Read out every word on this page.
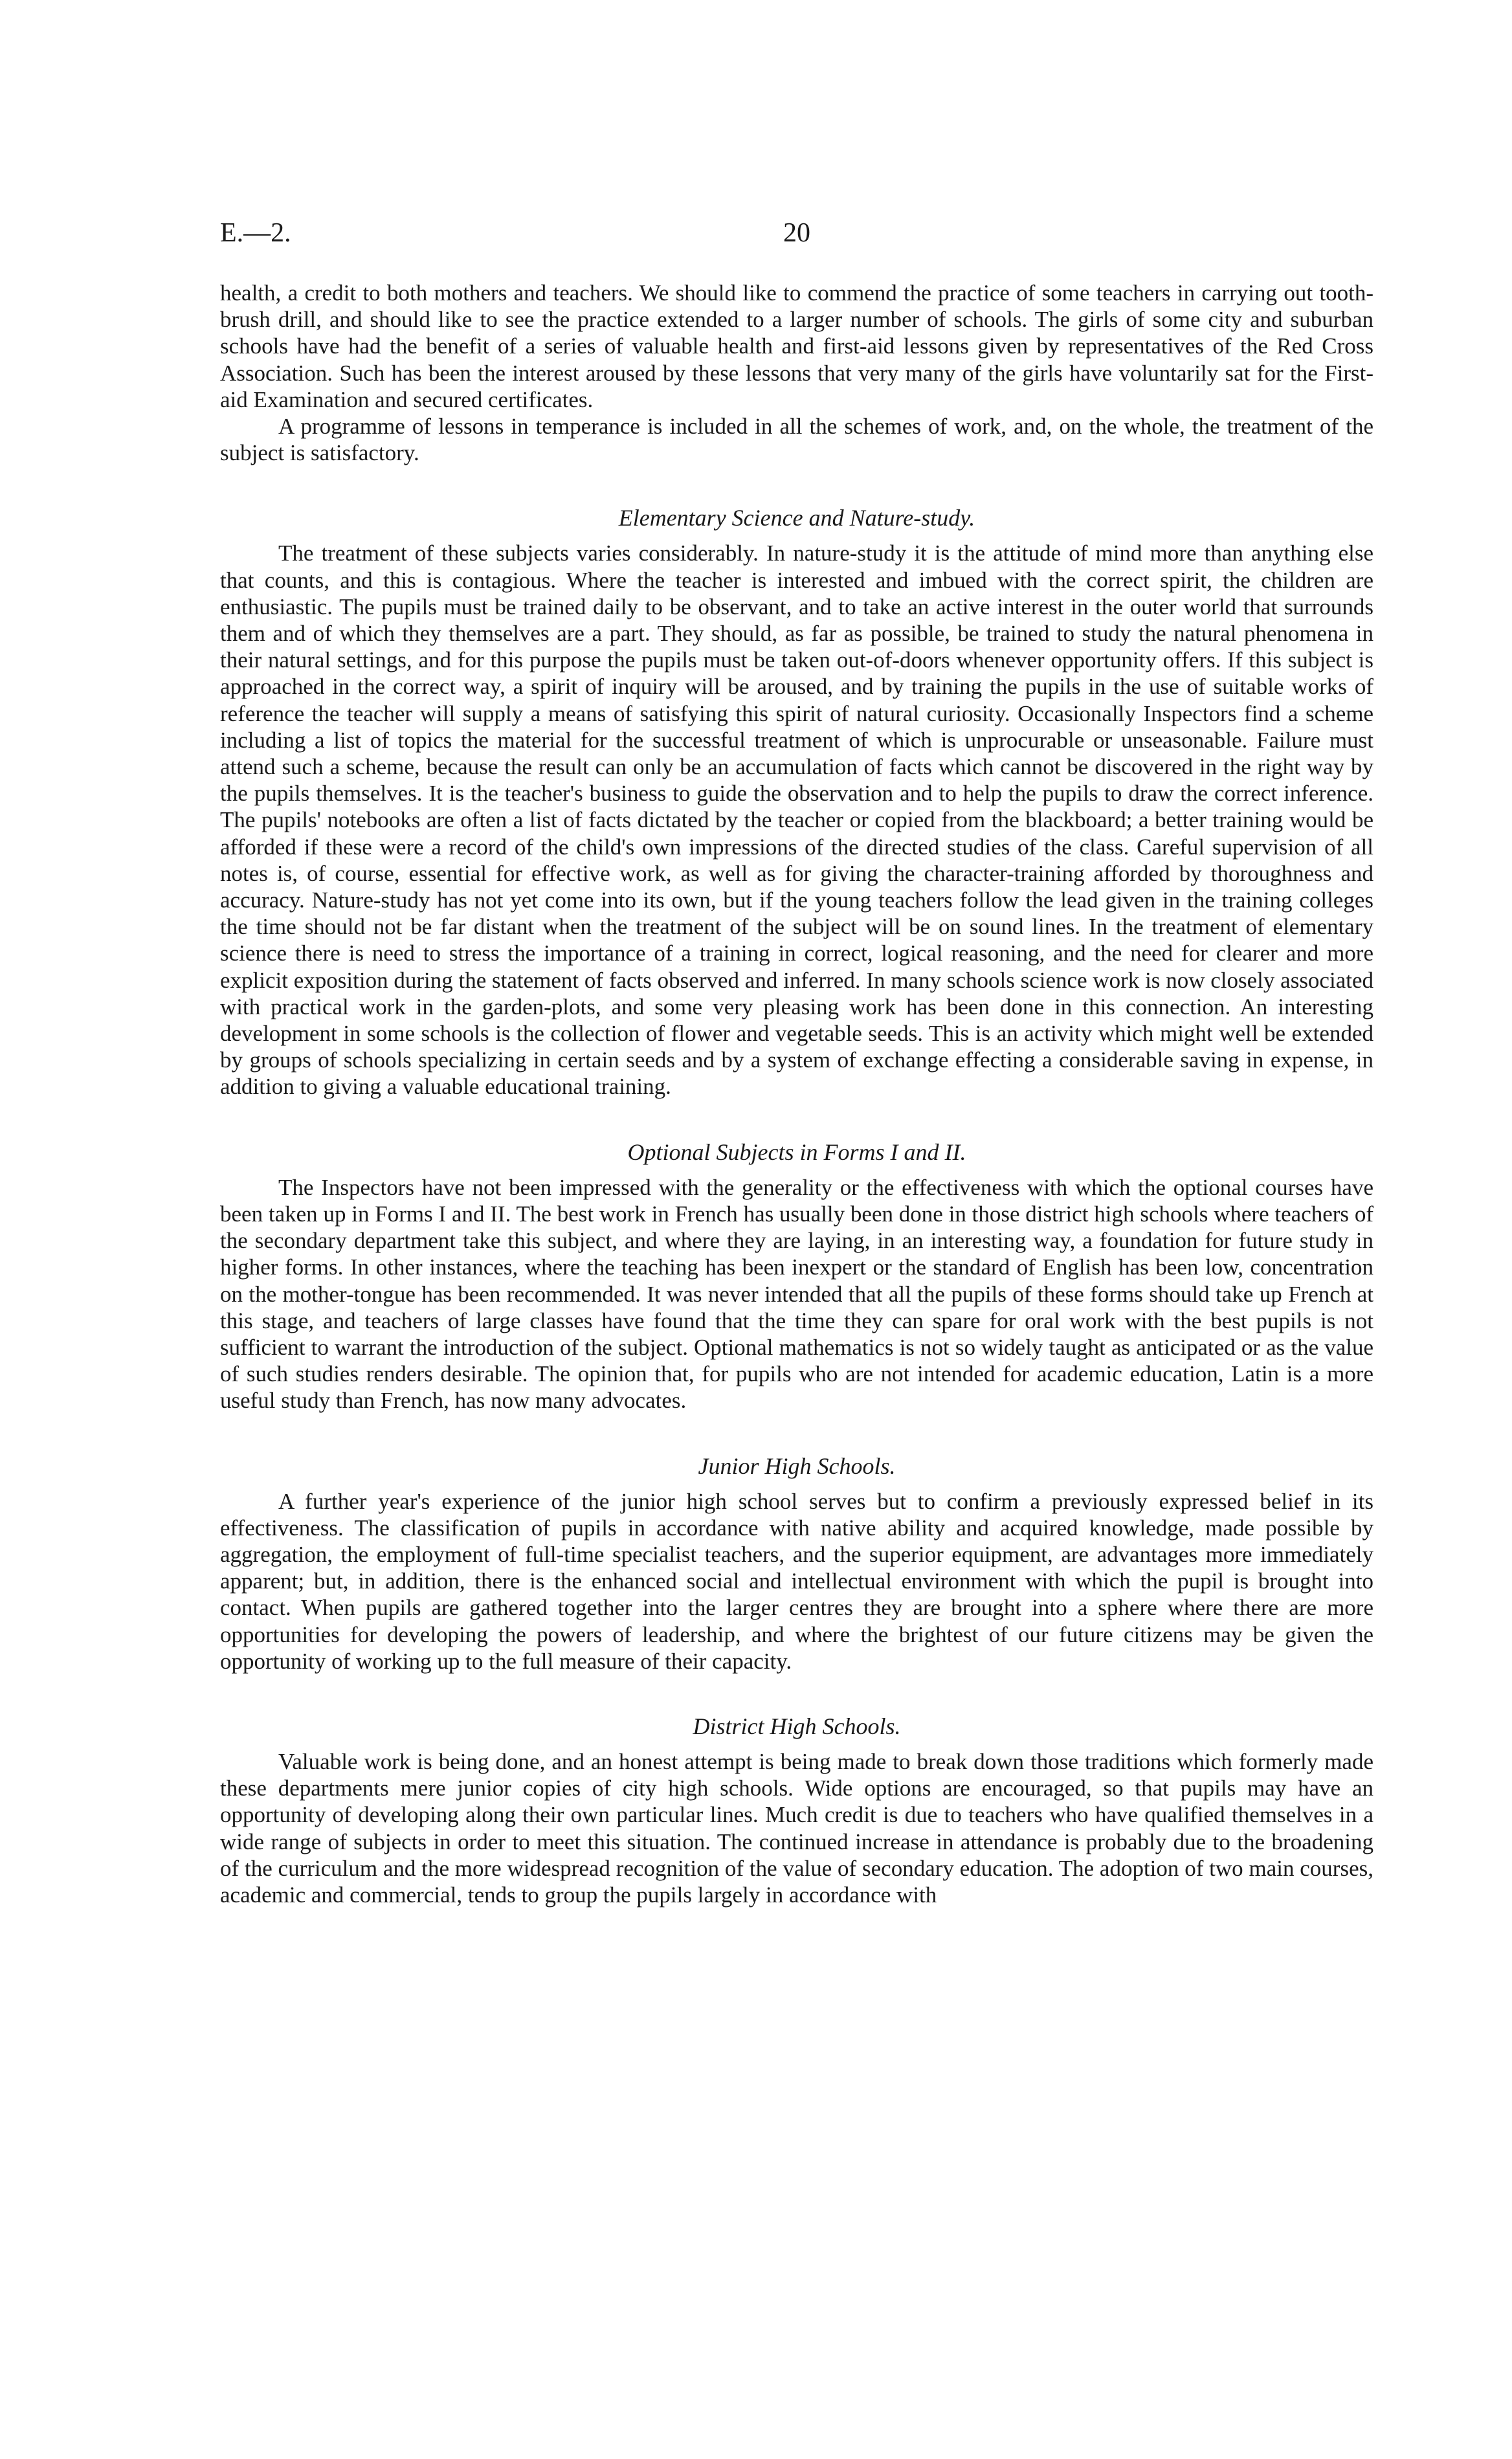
E.—2.	20

health, a credit to both mothers and teachers. We should like to commend the practice of some teachers in carrying out tooth-brush drill, and should like to see the practice extended to a larger number of schools. The girls of some city and suburban schools have had the benefit of a series of valuable health and first-aid lessons given by representatives of the Red Cross Association. Such has been the interest aroused by these lessons that very many of the girls have voluntarily sat for the First-aid Examination and secured certificates.

A programme of lessons in temperance is included in all the schemes of work, and, on the whole, the treatment of the subject is satisfactory.

Elementary Science and Nature-study.

The treatment of these subjects varies considerably. In nature-study it is the attitude of mind more than anything else that counts, and this is contagious. Where the teacher is interested and imbued with the correct spirit, the children are enthusiastic. The pupils must be trained daily to be observant, and to take an active interest in the outer world that surrounds them and of which they themselves are a part. They should, as far as possible, be trained to study the natural phenomena in their natural settings, and for this purpose the pupils must be taken out-of-doors whenever opportunity offers. If this subject is approached in the correct way, a spirit of inquiry will be aroused, and by training the pupils in the use of suitable works of reference the teacher will supply a means of satisfying this spirit of natural curiosity. Occasionally Inspectors find a scheme including a list of topics the material for the successful treatment of which is unprocurable or unseasonable. Failure must attend such a scheme, because the result can only be an accumulation of facts which cannot be discovered in the right way by the pupils themselves. It is the teacher's business to guide the observation and to help the pupils to draw the correct inference. The pupils' notebooks are often a list of facts dictated by the teacher or copied from the blackboard; a better training would be afforded if these were a record of the child's own impressions of the directed studies of the class. Careful supervision of all notes is, of course, essential for effective work, as well as for giving the character-training afforded by thoroughness and accuracy. Nature-study has not yet come into its own, but if the young teachers follow the lead given in the training colleges the time should not be far distant when the treatment of the subject will be on sound lines. In the treatment of elementary science there is need to stress the importance of a training in correct, logical reasoning, and the need for clearer and more explicit exposition during the statement of facts observed and inferred. In many schools science work is now closely associated with practical work in the garden-plots, and some very pleasing work has been done in this connection. An interesting development in some schools is the collection of flower and vegetable seeds. This is an activity which might well be extended by groups of schools specializing in certain seeds and by a system of exchange effecting a considerable saving in expense, in addition to giving a valuable educational training.

Optional Subjects in Forms I and II.

The Inspectors have not been impressed with the generality or the effectiveness with which the optional courses have been taken up in Forms I and II. The best work in French has usually been done in those district high schools where teachers of the secondary department take this subject, and where they are laying, in an interesting way, a foundation for future study in higher forms. In other instances, where the teaching has been inexpert or the standard of English has been low, concentration on the mother-tongue has been recommended. It was never intended that all the pupils of these forms should take up French at this stage, and teachers of large classes have found that the time they can spare for oral work with the best pupils is not sufficient to warrant the introduction of the subject. Optional mathematics is not so widely taught as anticipated or as the value of such studies renders desirable. The opinion that, for pupils who are not intended for academic education, Latin is a more useful study than French, has now many advocates.

Junior High Schools.

A further year's experience of the junior high school serves but to confirm a previously expressed belief in its effectiveness. The classification of pupils in accordance with native ability and acquired knowledge, made possible by aggregation, the employment of full-time specialist teachers, and the superior equipment, are advantages more immediately apparent; but, in addition, there is the enhanced social and intellectual environment with which the pupil is brought into contact. When pupils are gathered together into the larger centres they are brought into a sphere where there are more opportunities for developing the powers of leadership, and where the brightest of our future citizens may be given the opportunity of working up to the full measure of their capacity.

District High Schools.

Valuable work is being done, and an honest attempt is being made to break down those traditions which formerly made these departments mere junior copies of city high schools. Wide options are encouraged, so that pupils may have an opportunity of developing along their own particular lines. Much credit is due to teachers who have qualified themselves in a wide range of subjects in order to meet this situation. The continued increase in attendance is probably due to the broadening of the curriculum and the more widespread recognition of the value of secondary education. The adoption of two main courses, academic and commercial, tends to group the pupils largely in accordance with
